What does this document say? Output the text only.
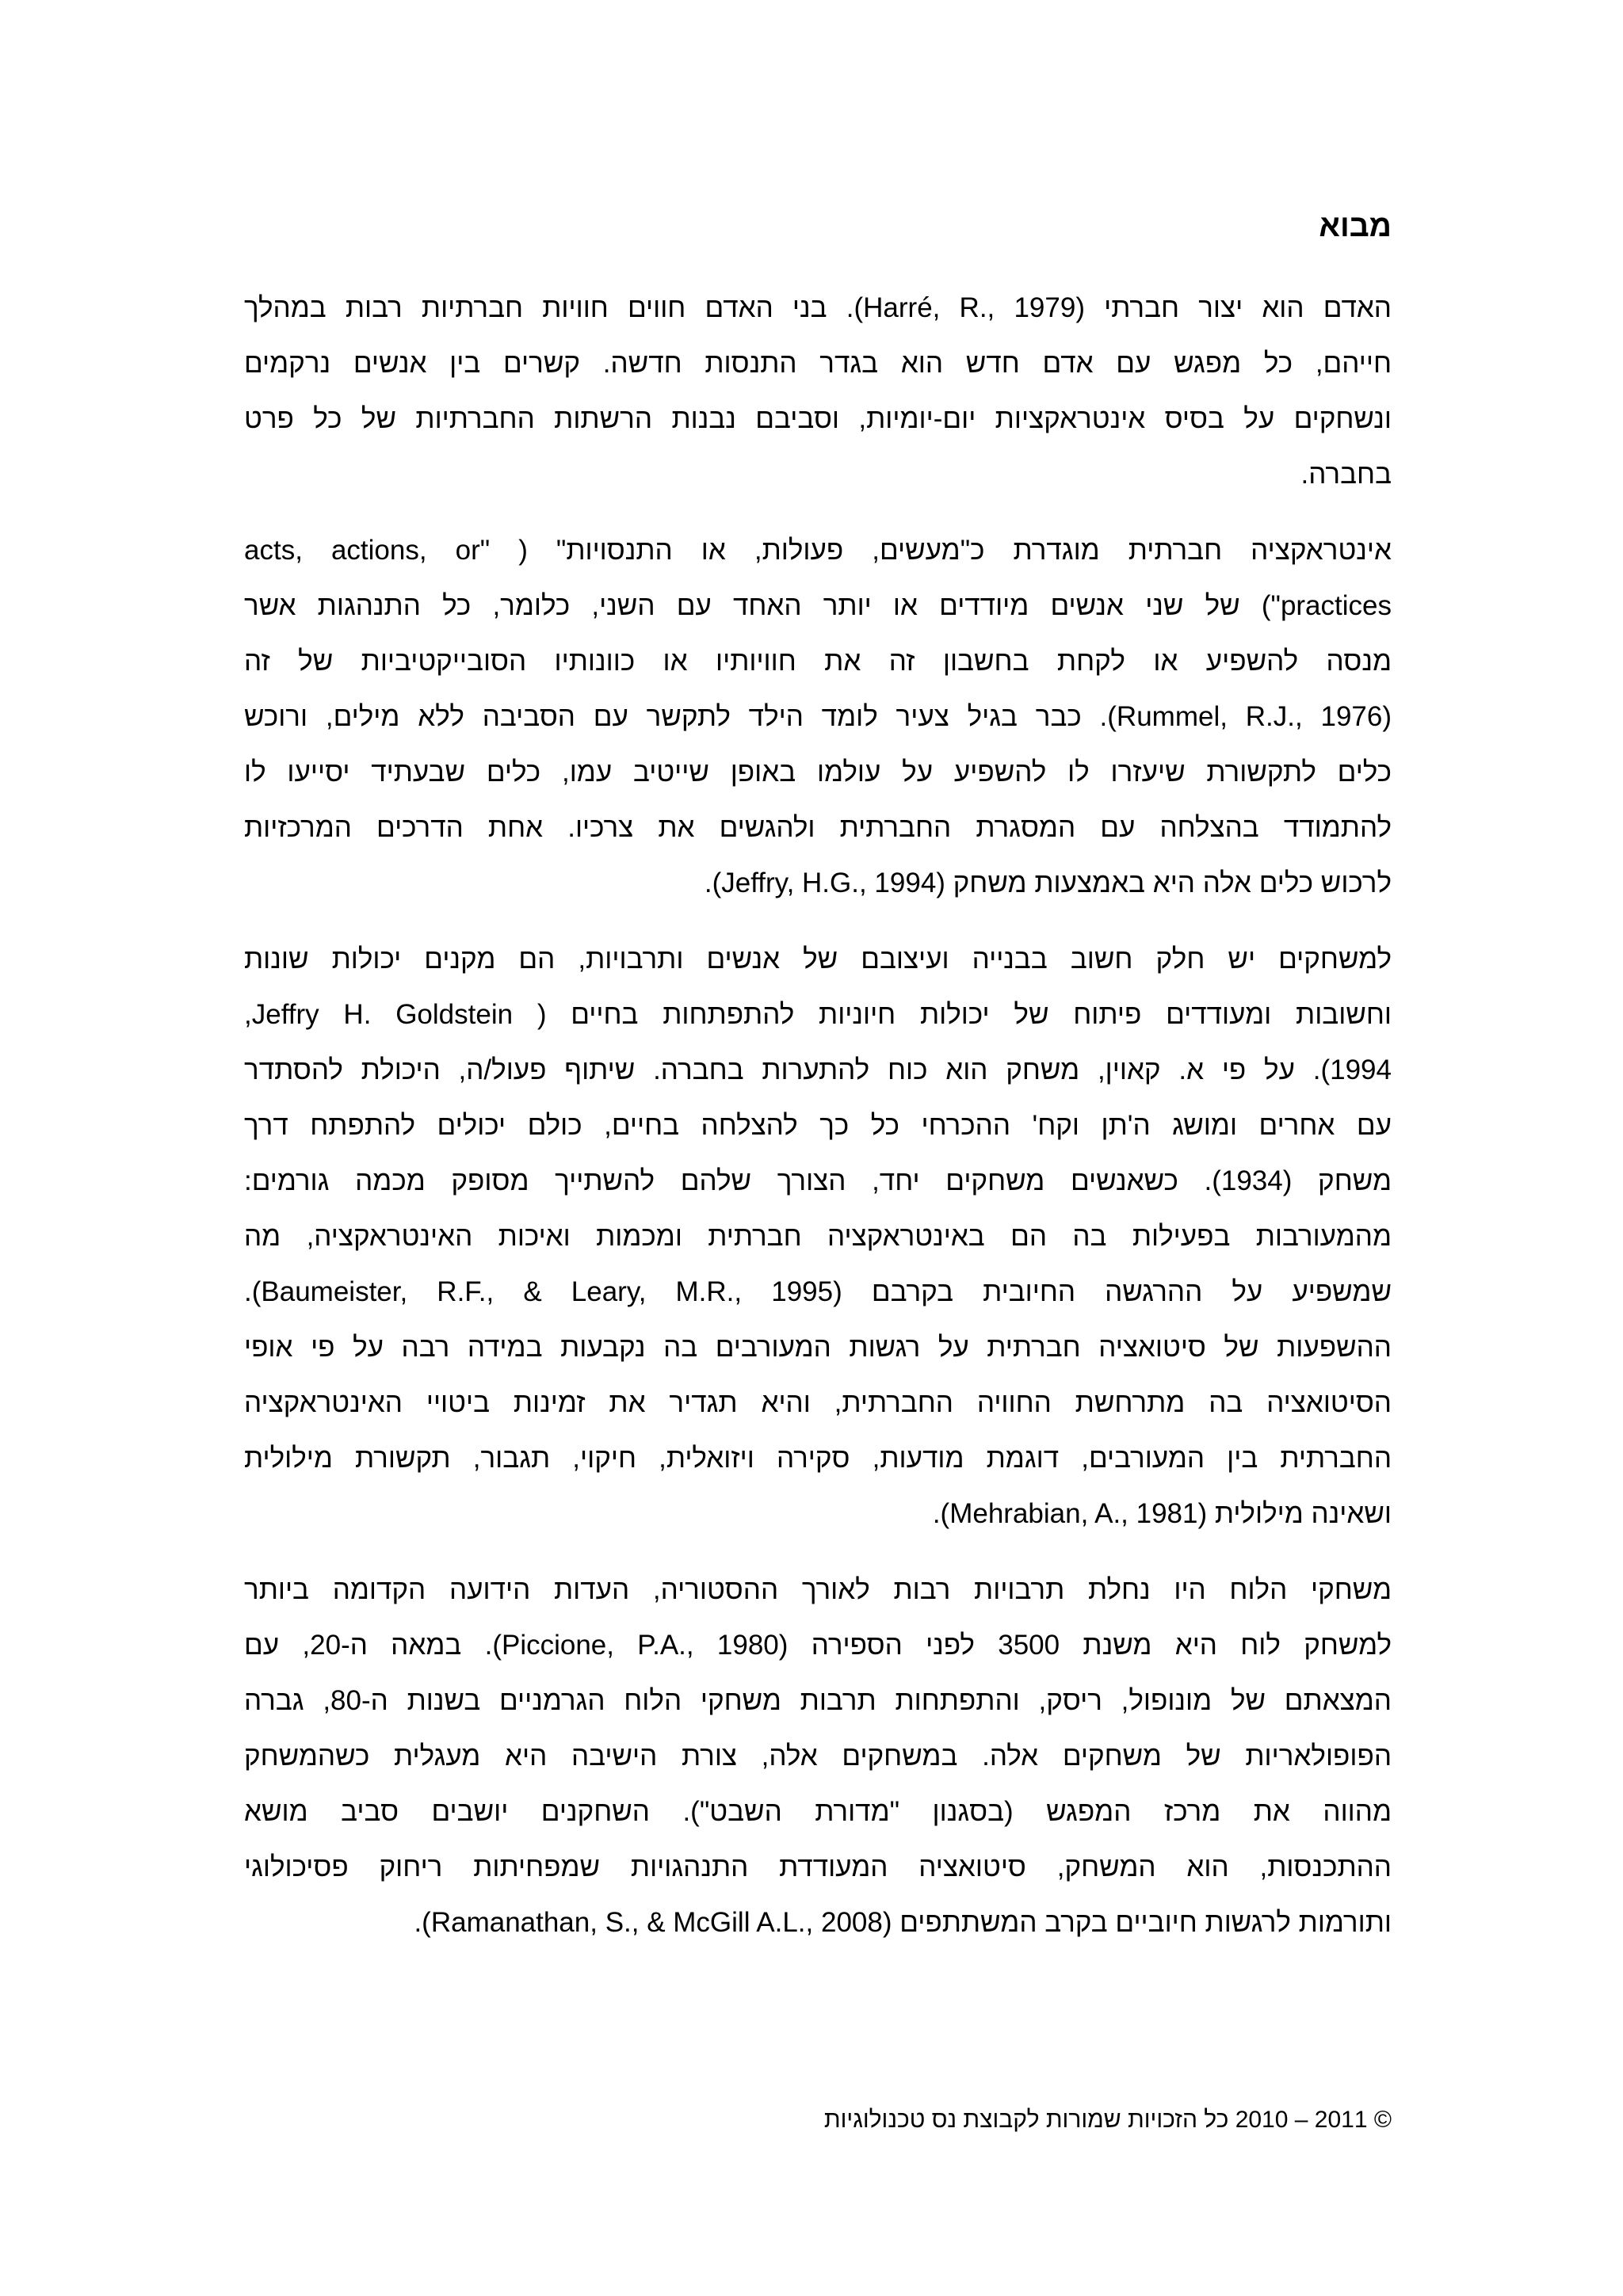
מבוא
האדם הוא יצור חברתי (Harré, R., 1979). בני האדם חווים חוויות חברתיות רבות במהלך
חייהם, כל מפגש עם אדם חדש הוא בגדר התנסות חדשה. קשרים בין אנשים נרקמים
ונשחקים על בסיס אינטראקציות יום-יומיות, וסביבם נבנות הרשתות החברתיות של כל פרט
בחברה.
אינטראקציה חברתית מוגדרת כ"מעשים, פעולות, או התנסויות" ( "acts, actions, or
practices") של שני אנשים מיודדים או יותר האחד עם השני, כלומר, כל התנהגות אשר
מנסה להשפיע או לקחת בחשבון זה את חוויותיו או כוונותיו הסובייקטיביות של זה
(Rummel, R.J., 1976). כבר בגיל צעיר לומד הילד לתקשר עם הסביבה ללא מילים, ורוכש
כלים לתקשורת שיעזרו לו להשפיע על עולמו באופן שייטיב עמו, כלים שבעתיד יסייעו לו
להתמודד בהצלחה עם המסגרת החברתית ולהגשים את צרכיו. אחת הדרכים המרכזיות
לרכוש כלים אלה היא באמצעות משחק (Jeffry, H.G., 1994).
למשחקים יש חלק חשוב בבנייה ועיצובם של אנשים ותרבויות, הם מקנים יכולות שונות
וחשובות ומעודדים פיתוח של יכולות חיוניות להתפתחות בחיים ( Jeffry H. Goldstein,
1994). על פי א. קאוין, משחק הוא כוח להתערות בחברה. שיתוף פעול/ה, היכולת להסתדר
עם אחרים ומושג ה'תן וקח' ההכרחי כל כך להצלחה בחיים, כולם יכולים להתפתח דרך
משחק (1934). כשאנשים משחקים יחד, הצורך שלהם להשתייך מסופק מכמה גורמים:
מהמעורבות בפעילות בה הם באינטראקציה חברתית ומכמות ואיכות האינטראקציה, מה
שמשפיע על ההרגשה החיובית בקרבם (Baumeister, R.F., & Leary, M.R., 1995).
ההשפעות של סיטואציה חברתית על רגשות המעורבים בה נקבעות במידה רבה על פי אופי
הסיטואציה בה מתרחשת החוויה החברתית, והיא תגדיר את זמינות ביטויי האינטראקציה
החברתית בין המעורבים, דוגמת מודעות, סקירה ויזואלית, חיקוי, תגבור, תקשורת מילולית
ושאינה מילולית (Mehrabian, A., 1981).
משחקי הלוח היו נחלת תרבויות רבות לאורך ההסטוריה, העדות הידועה הקדומה ביותר
למשחק לוח היא משנת 3500 לפני הספירה (Piccione, P.A., 1980). במאה ה-20, עם
המצאתם של מונופול, ריסק, והתפתחות תרבות משחקי הלוח הגרמניים בשנות ה-80, גברה
הפופולאריות של משחקים אלה. במשחקים אלה, צורת הישיבה היא מעגלית כשהמשחק
מהווה את מרכז המפגש (בסגנון "מדורת השבט"). השחקנים יושבים סביב מושא
ההתכנסות, הוא המשחק, סיטואציה המעודדת התנהגויות שמפחיתות ריחוק פסיכולוגי
ותורמות לרגשות חיוביים בקרב המשתתפים (Ramanathan, S., & McGill A.L., 2008).
© 2011 – 2010 כל הזכויות שמורות לקבוצת נס טכנולוגיות
